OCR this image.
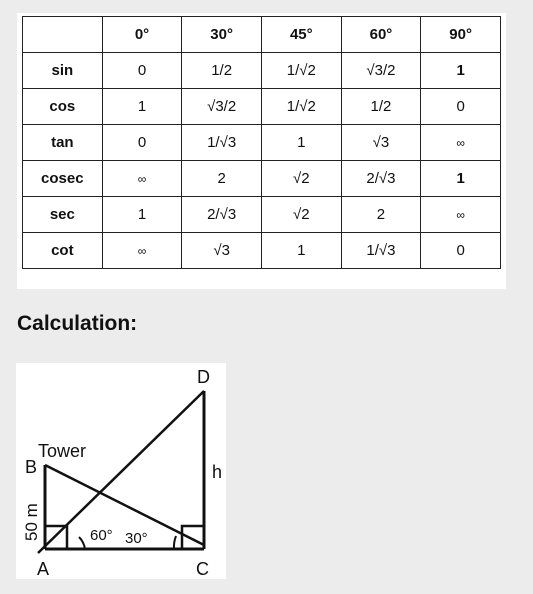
	0°	30°	45°	60°	90°
sin	0	1/2	1/√2	√3/2	1
cos	1	√3/2	1/√2	1/2	0
tan	0	1/√3	1	√3	∞
cosec	∞	2	√2	2/√3	1
sec	1	2/√3	√2	2	∞
cot	∞	√3	1	1/√3	0
Calculation:
D
B
Tower
h
50 m	60° 30°
A	C
